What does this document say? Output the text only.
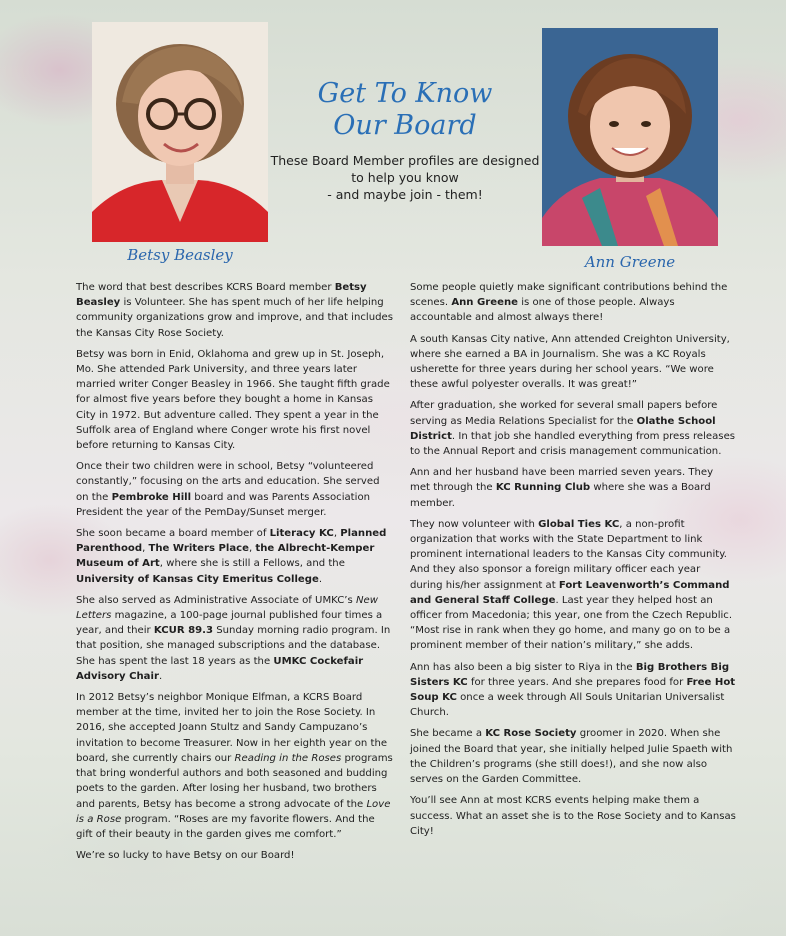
Betsy Beasley	Ann Greene
Get To Know
Our Board
These Board Member profiles are designed
to help you know
- and maybe join - them!

The word that best describes KCRS Board member Betsy Beasley is Volunteer. She has spent much of her life helping community organizations grow and improve, and that includes the Kansas City Rose Society.

Betsy was born in Enid, Oklahoma and grew up in St. Joseph, Mo. She attended Park University, and three years later married writer Conger Beasley in 1966. She taught fifth grade for almost five years before they bought a home in Kansas City in 1972. But adventure called. They spent a year in the Suffolk area of England where Conger wrote his first novel before returning to Kansas City.

Once their two children were in school, Betsy “volunteered constantly,” focusing on the arts and education. She served on the Pembroke Hill board and was Parents Association President the year of the PemDay/Sunset merger.

She soon became a board member of Literacy KC, Planned Parenthood, The Writers Place, the Albrecht-Kemper Museum of Art, where she is still a Fellows, and the University of Kansas City Emeritus College.

She also served as Administrative Associate of UMKC’s New Letters magazine, a 100-page journal published four times a year, and their KCUR 89.3 Sunday morning radio program. In that position, she managed subscriptions and the database. She has spent the last 18 years as the UMKC Cockefair Advisory Chair.

In 2012 Betsy’s neighbor Monique Elfman, a KCRS Board member at the time, invited her to join the Rose Society. In 2016, she accepted Joann Stultz and Sandy Campuzano’s invitation to become Treasurer. Now in her eighth year on the board, she currently chairs our Reading in the Roses programs that bring wonderful authors and both seasoned and budding poets to the garden. After losing her husband, two brothers and parents, Betsy has become a strong advocate of the Love is a Rose program. “Roses are my favorite flowers. And the gift of their beauty in the garden gives me comfort.”

We’re so lucky to have Betsy on our Board!

Some people quietly make significant contributions behind the scenes. Ann Greene is one of those people. Always accountable and almost always there!

A south Kansas City native, Ann attended Creighton University, where she earned a BA in Journalism. She was a KC Royals usherette for three years during her school years. “We wore these awful polyester overalls. It was great!”

After graduation, she worked for several small papers before serving as Media Relations Specialist for the Olathe School District. In that job she handled everything from press releases to the Annual Report and crisis management communication.

Ann and her husband have been married seven years. They met through the KC Running Club where she was a Board member.

They now volunteer with Global Ties KC, a non-profit organization that works with the State Department to link prominent international leaders to the Kansas City community. And they also sponsor a foreign military officer each year during his/her assignment at Fort Leavenworth’s Command and General Staff College. Last year they helped host an officer from Macedonia; this year, one from the Czech Republic. “Most rise in rank when they go home, and many go on to be a prominent member of their nation’s military,” she adds.

Ann has also been a big sister to Riya in the Big Brothers Big Sisters KC for three years. And she prepares food for Free Hot Soup KC once a week through All Souls Unitarian Universalist Church.

She became a KC Rose Society groomer in 2020. When she joined the Board that year, she initially helped Julie Spaeth with the Children’s programs (she still does!), and she now also serves on the Garden Committee.

You’ll see Ann at most KCRS events helping make them a success. What an asset she is to the Rose Society and to Kansas City!
